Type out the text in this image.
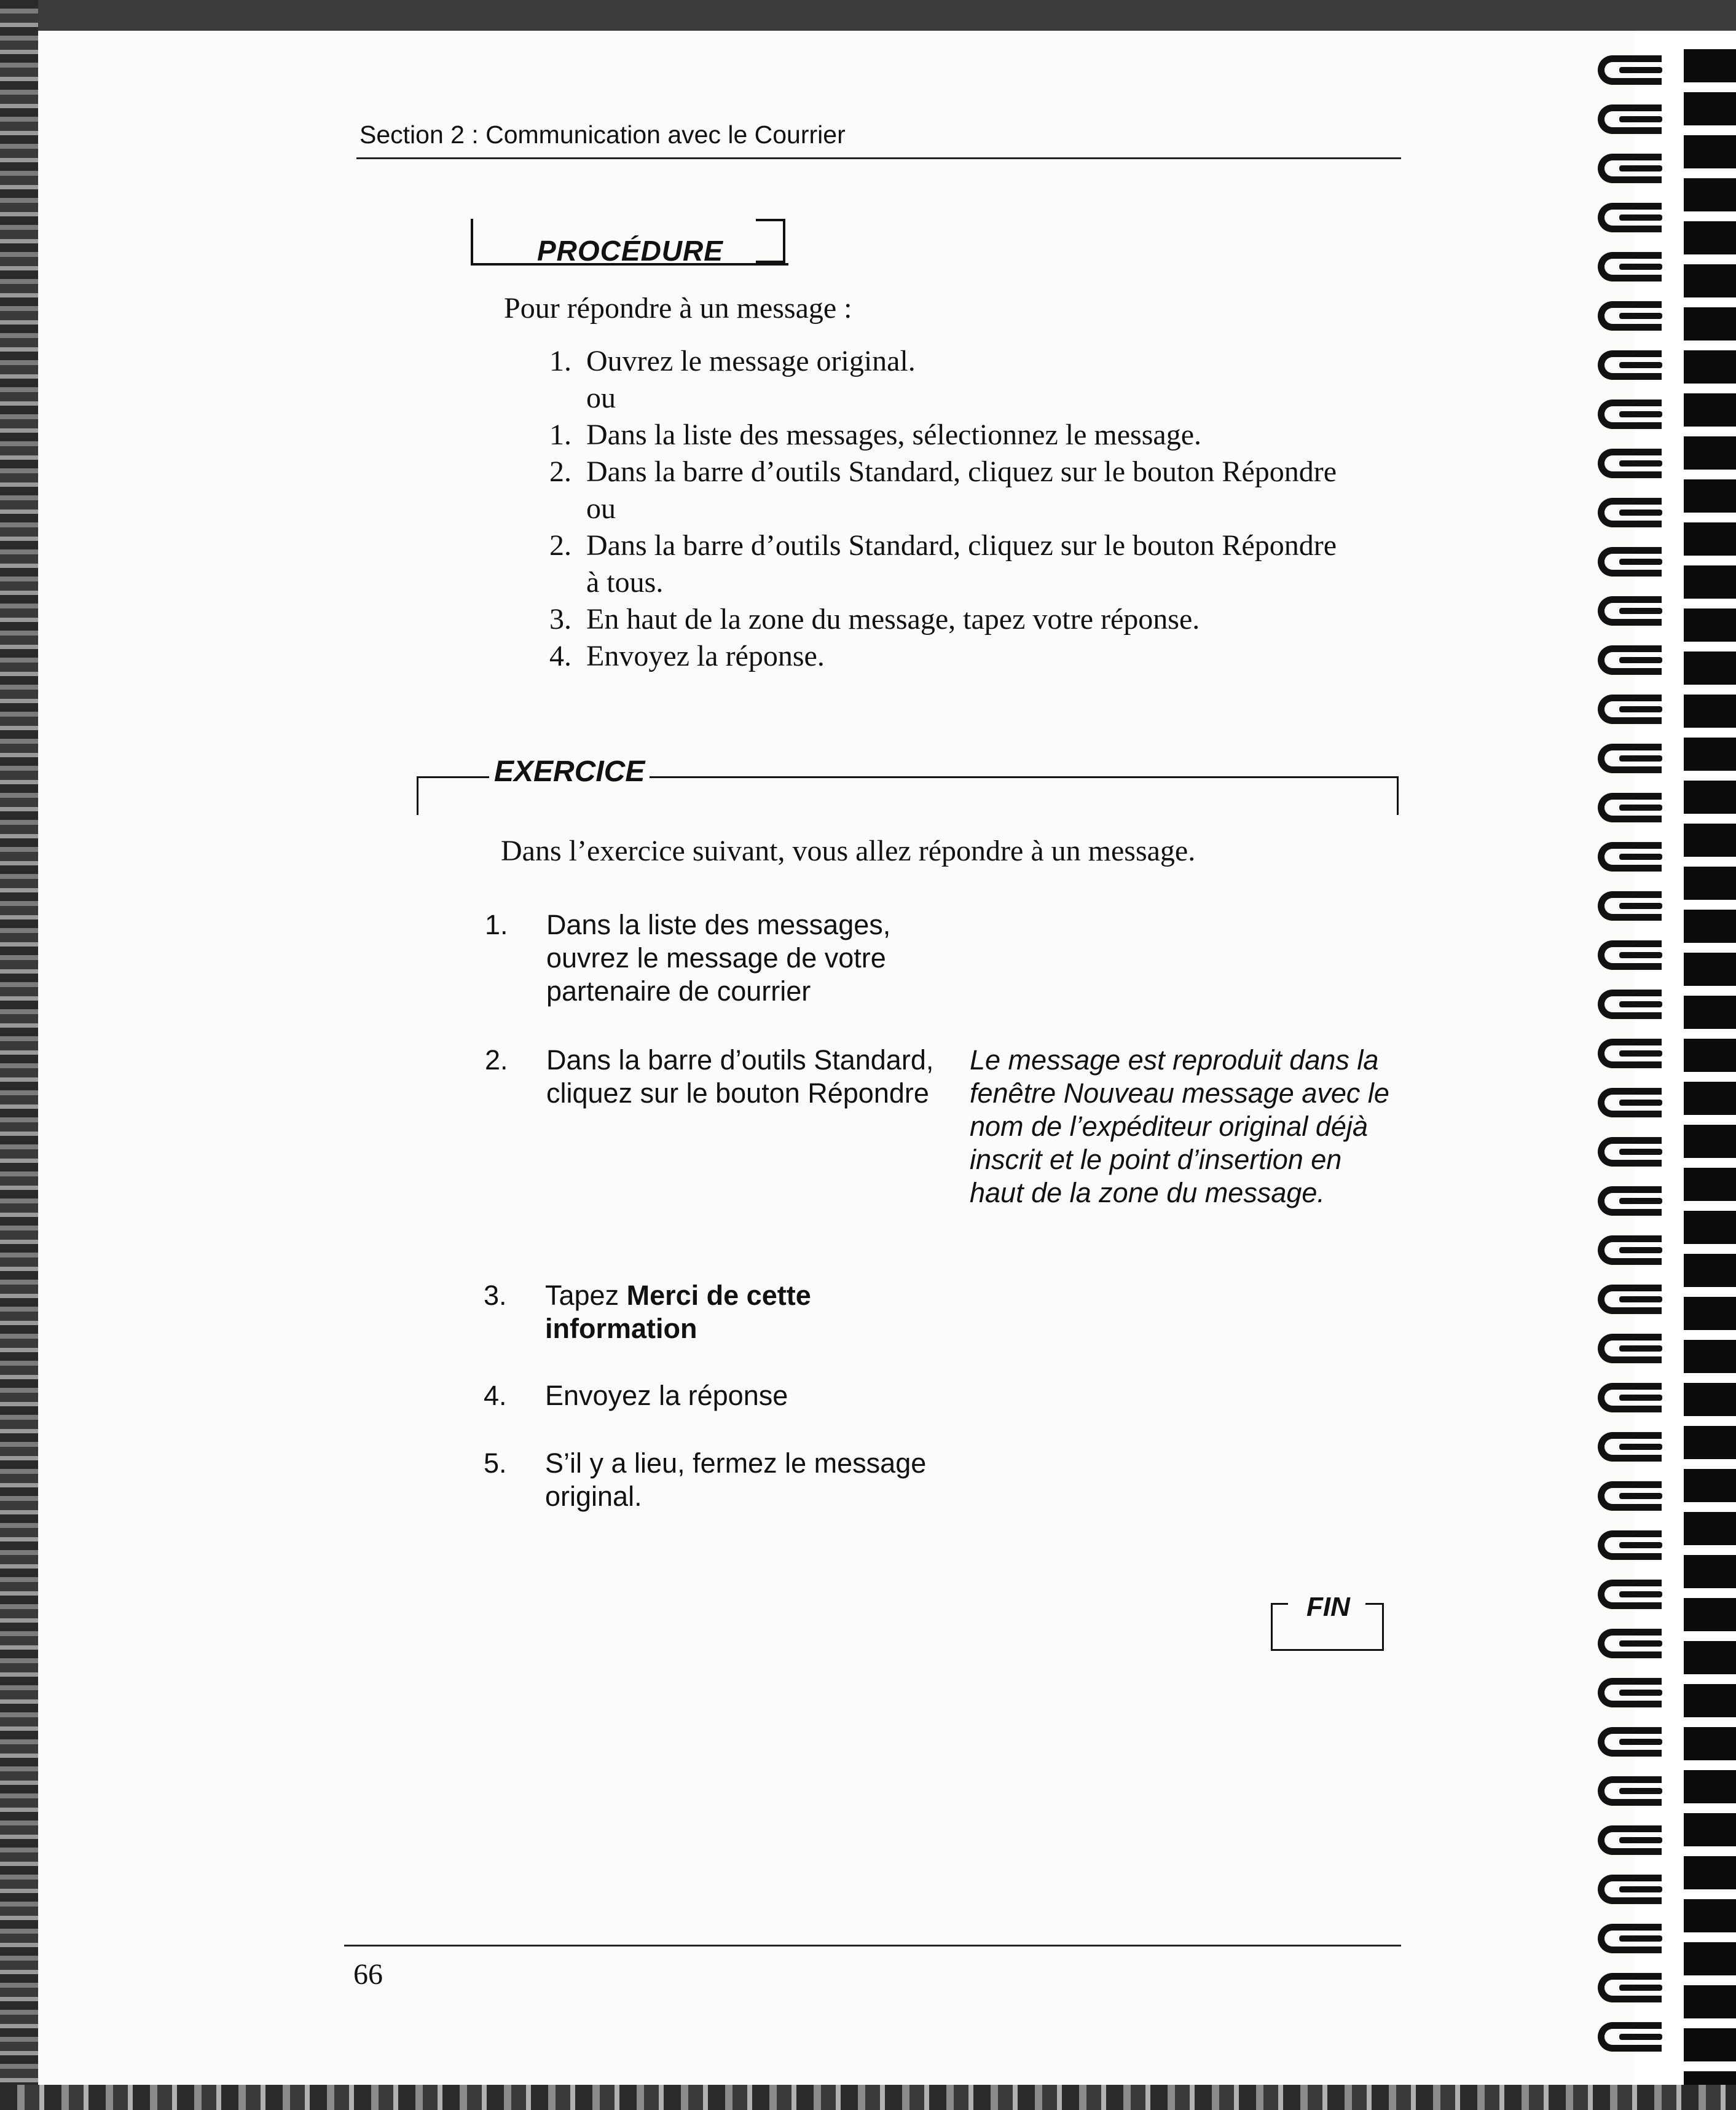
Section 2 : Communication avec le Courrier
PROCÉDURE
Pour répondre à un message :
1. Ouvrez le message original.
ou
1. Dans la liste des messages, sélectionnez le message.
2. Dans la barre d’outils Standard, cliquez sur le bouton Répondre
ou
2. Dans la barre d’outils Standard, cliquez sur le bouton Répondre
à tous.
3. En haut de la zone du message, tapez votre réponse.
4. Envoyez la réponse.
EXERCICE
Dans l’exercice suivant, vous allez répondre à un message.
1. Dans la liste des messages, ouvrez le message de votre partenaire de courrier
2. Dans la barre d’outils Standard, cliquez sur le bouton Répondre
3. Tapez Merci de cette information
4. Envoyez la réponse
5. S’il y a lieu, fermez le message original.
Le message est reproduit dans la fenêtre Nouveau message avec le nom de l’expéditeur original déjà inscrit et le point d’insertion en haut de la zone du message.
FIN
66
